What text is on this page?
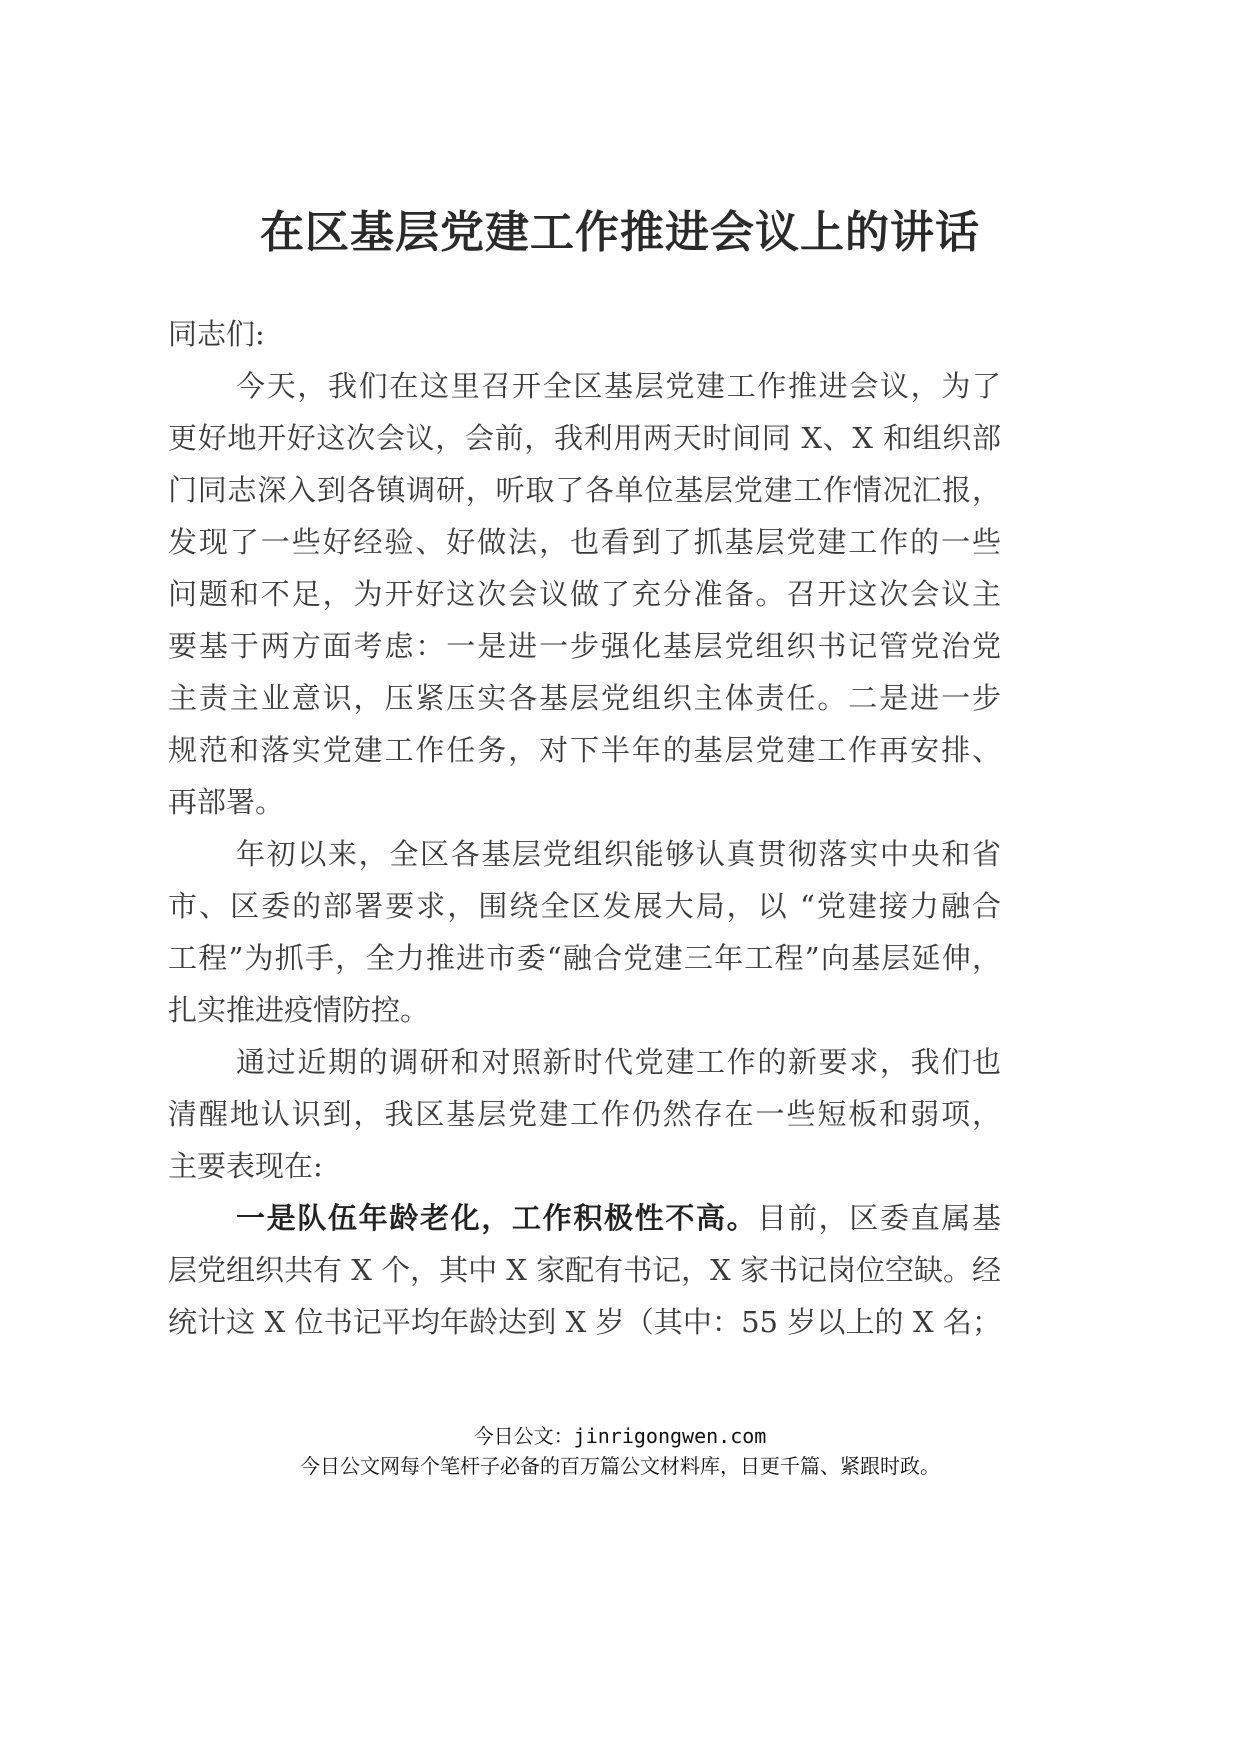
在区基层党建工作推进会议上的讲话
同志们:
今天，我们在这里召开全区基层党建工作推进会议，为了
更好地开好这次会议，会前，我利用两天时间同 X、X 和组织部
门同志深入到各镇调研，听取了各单位基层党建工作情况汇报，
发现了一些好经验、好做法，也看到了抓基层党建工作的一些
问题和不足，为开好这次会议做了充分准备。召开这次会议主
要基于两方面考虑：一是进一步强化基层党组织书记管党治党
主责主业意识，压紧压实各基层党组织主体责任。二是进一步
规范和落实党建工作任务，对下半年的基层党建工作再安排、
再部署。
年初以来，全区各基层党组织能够认真贯彻落实中央和省
市、区委的部署要求，围绕全区发展大局，以 “党建接力融合
工程”为抓手，全力推进市委“融合党建三年工程”向基层延伸，
扎实推进疫情防控。
通过近期的调研和对照新时代党建工作的新要求，我们也
清醒地认识到，我区基层党建工作仍然存在一些短板和弱项，
主要表现在:
一是队伍年龄老化，工作积极性不高。目前，区委直属基
层党组织共有 X 个，其中 X 家配有书记，X 家书记岗位空缺。经
统计这 X 位书记平均年龄达到 X 岁（其中：55 岁以上的 X 名；
今日公文：jinrigongwen.com
今日公文网每个笔杆子必备的百万篇公文材料库，日更千篇、紧跟时政。
